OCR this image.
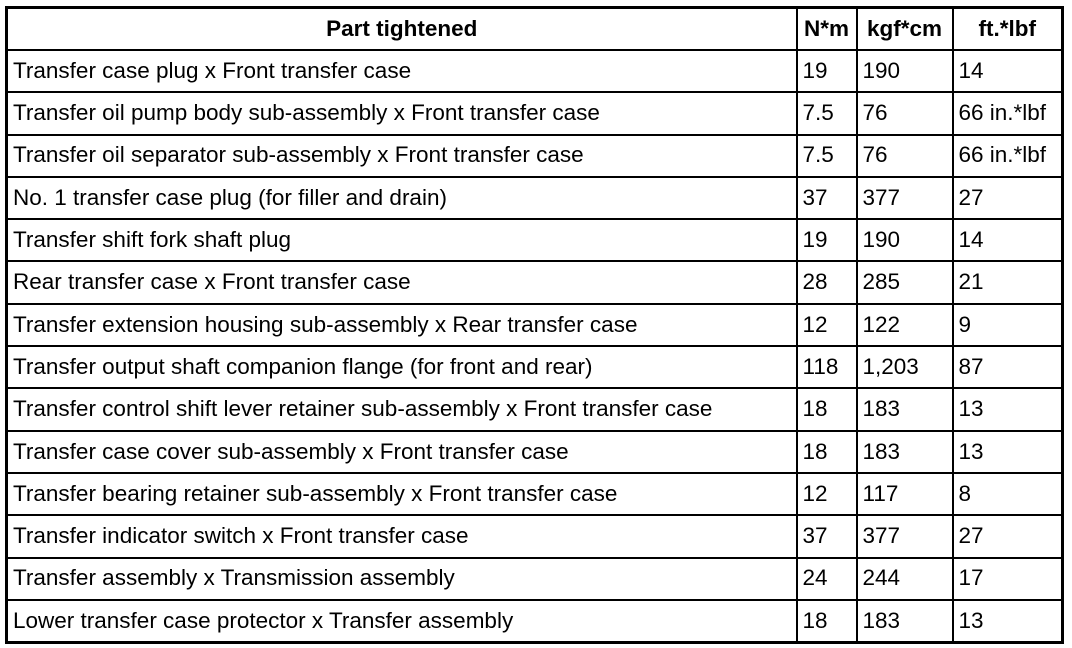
Part tightened	N*m	kgf*cm	ft.*lbf
Transfer case plug x Front transfer case	19	190	14
Transfer oil pump body sub-assembly x Front transfer case	7.5	76	66 in.*lbf
Transfer oil separator sub-assembly x Front transfer case	7.5	76	66 in.*lbf
No. 1 transfer case plug (for filler and drain)	37	377	27
Transfer shift fork shaft plug	19	190	14
Rear transfer case x Front transfer case	28	285	21
Transfer extension housing sub-assembly x Rear transfer case	12	122	9
Transfer output shaft companion flange (for front and rear)	118	1,203	87
Transfer control shift lever retainer sub-assembly x Front transfer case	18	183	13
Transfer case cover sub-assembly x Front transfer case	18	183	13
Transfer bearing retainer sub-assembly x Front transfer case	12	117	8
Transfer indicator switch x Front transfer case	37	377	27
Transfer assembly x Transmission assembly	24	244	17
Lower transfer case protector x Transfer assembly	18	183	13
